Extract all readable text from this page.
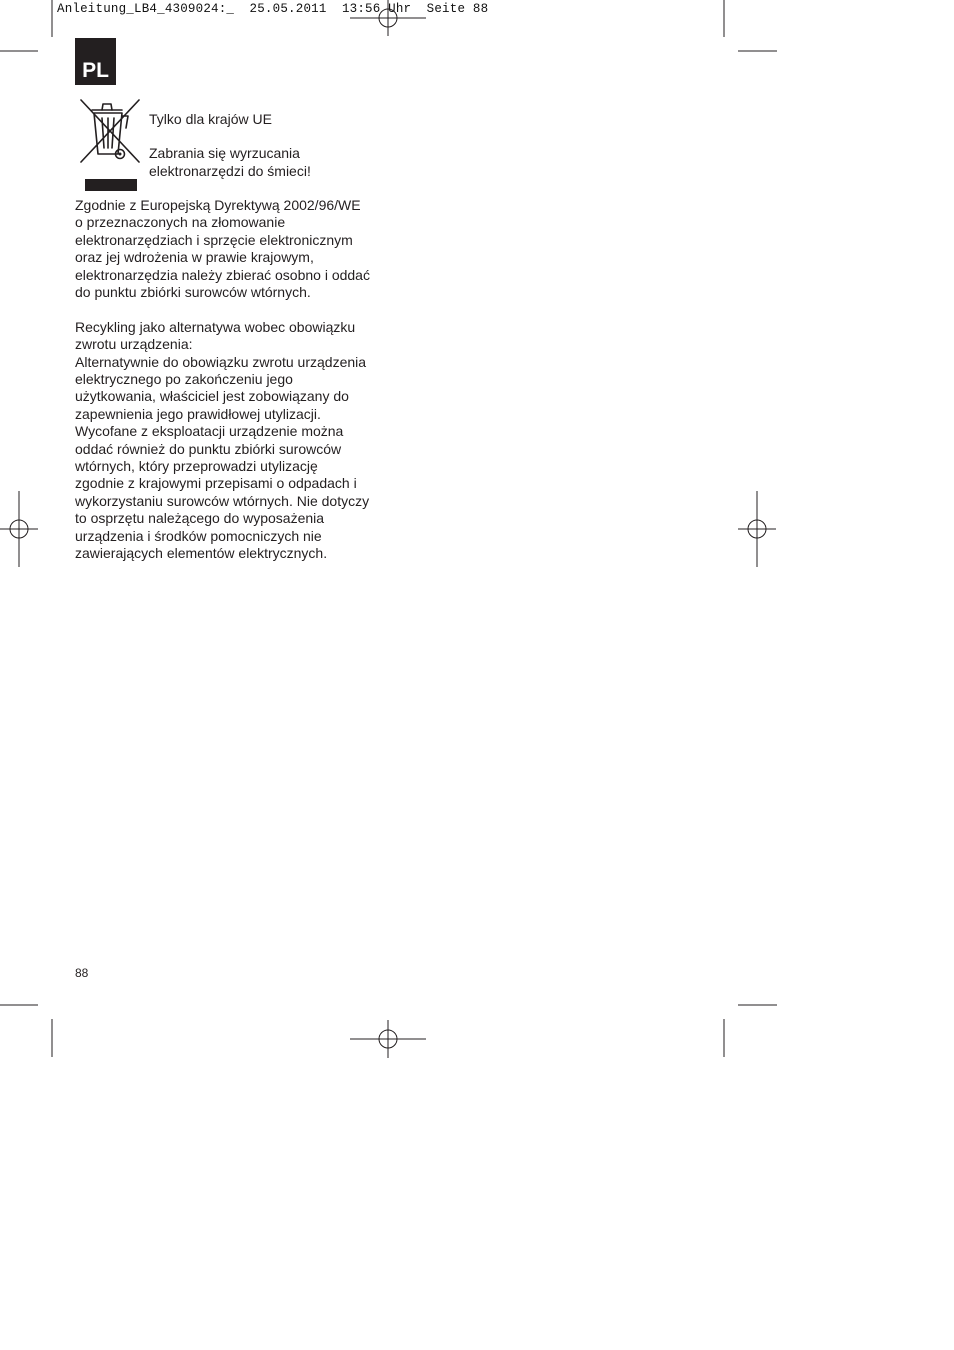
Anleitung_LB4_4309024:_  25.05.2011  13:56 Uhr  Seite 88
PL

Tylko dla krajów UE

Zabrania się wyrzucania

elektronarzędzi do śmieci!

Zgodnie z Europejską Dyrektywą 2002/96/WE

o przeznaczonych na złomowanie

elektronarzędziach i sprzęcie elektronicznym

oraz jej wdrożenia w prawie krajowym,

elektronarzędzia należy zbierać osobno i oddać

do punktu zbiórki surowców wtórnych.

Recykling jako alternatywa wobec obowiązku

zwrotu urządzenia:

Alternatywnie do obowiązku zwrotu urządzenia

elektrycznego po zakończeniu jego

użytkowania, właściciel jest zobowiązany do

zapewnienia jego prawidłowej utylizacji.

Wycofane z eksploatacji urządzenie można

oddać również do punktu zbiórki surowców

wtórnych, który przeprowadzi utylizację

zgodnie z krajowymi przepisami o odpadach i

wykorzystaniu surowców wtórnych. Nie dotyczy

to osprzętu należącego do wyposażenia

urządzenia i środków pomocniczych nie

zawierających elementów elektrycznych.

88
